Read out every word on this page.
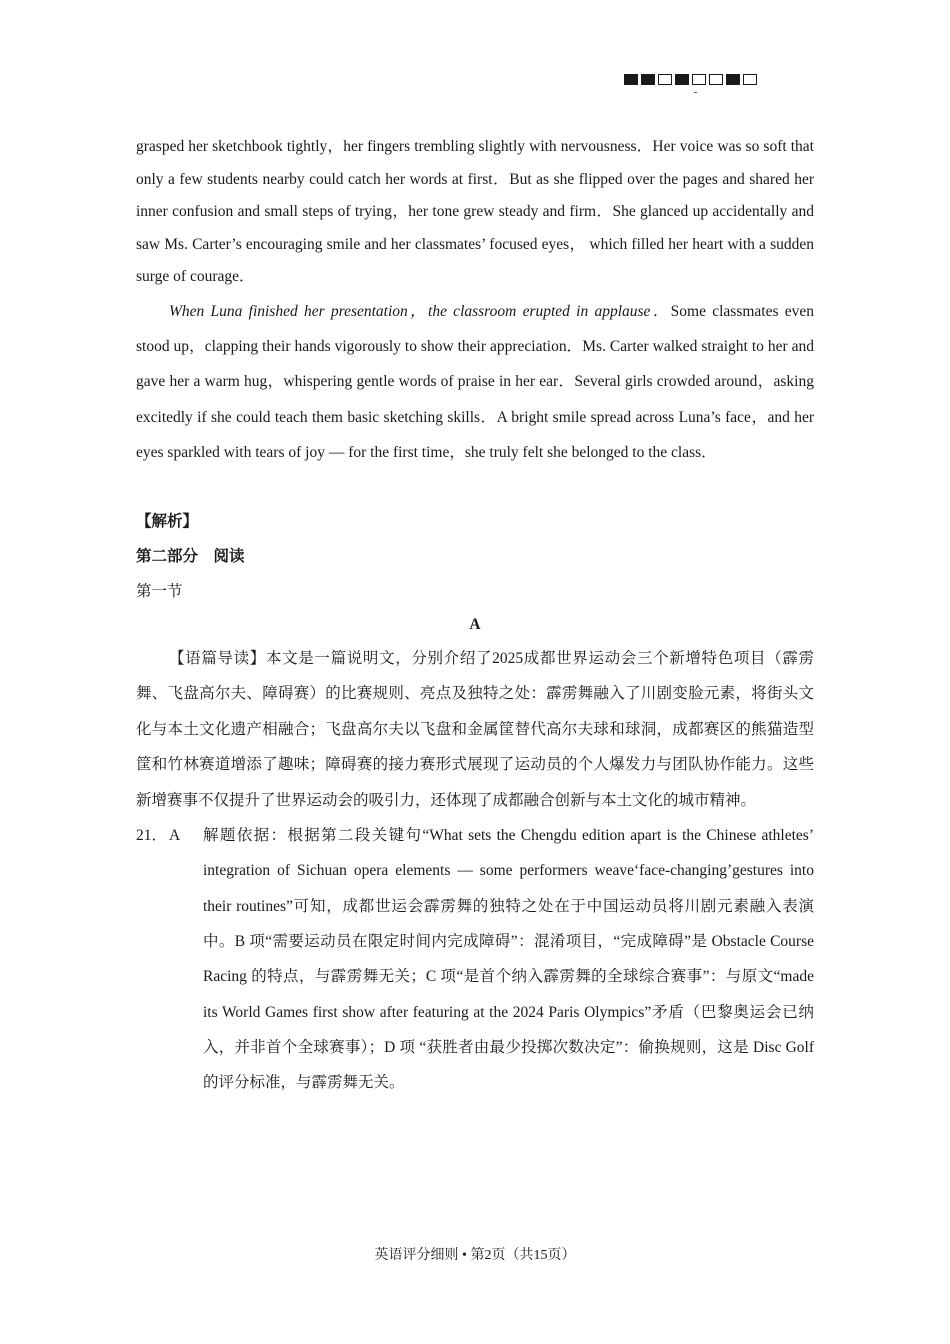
grasped her sketchbook tightly，her fingers trembling slightly with nervousness．Her voice was so soft that only a few students nearby could catch her words at first．But as she flipped over the pages and shared her inner confusion and small steps of trying，her tone grew steady and firm．She glanced up accidentally and saw Ms. Carter’s encouraging smile and her classmates’ focused eyes， which filled her heart with a sudden surge of courage．

When Luna finished her presentation，the classroom erupted in applause．Some classmates even stood up，clapping their hands vigorously to show their appreciation．Ms. Carter walked straight to her and gave her a warm hug，whispering gentle words of praise in her ear．Several girls crowded around，asking excitedly if she could teach them basic sketching skills．A bright smile spread across Luna’s face，and her eyes sparkled with tears of joy — for the first time，she truly felt she belonged to the class．

【解析】
第二部分　阅读
第一节
A

【语篇导读】本文是一篇说明文，分别介绍了2025成都世界运动会三个新增特色项目（霹雳舞、飞盘高尔夫、障碍赛）的比赛规则、亮点及独特之处：霹雳舞融入了川剧变脸元素，将街头文化与本土文化遗产相融合；飞盘高尔夫以飞盘和金属筐替代高尔夫球和球洞，成都赛区的熊猫造型筐和竹林赛道增添了趣味；障碍赛的接力赛形式展现了运动员的个人爆发力与团队协作能力。这些新增赛事不仅提升了世界运动会的吸引力，还体现了成都融合创新与本土文化的城市精神。

21． A 解题依据：根据第二段关键句“What sets the Chengdu edition apart is the Chinese athletes’ integration of Sichuan opera elements — some performers weave‘face-changing’gestures into their routines”可知，成都世运会霹雳舞的独特之处在于中国运动员将川剧元素融入表演中。B 项“需要运动员在限定时间内完成障碍”：混淆项目，“完成障碍”是 Obstacle Course Racing 的特点，与霹雳舞无关；C 项“是首个纳入霹雳舞的全球综合赛事”：与原文“made its World Games first show after featuring at the 2024 Paris Olympics”矛盾（巴黎奥运会已纳入，并非首个全球赛事）；D 项 “获胜者由最少投掷次数决定”：偷换规则，这是 Disc Golf 的评分标准，与霹雳舞无关。
英语评分细则 • 第2页（共15页）
